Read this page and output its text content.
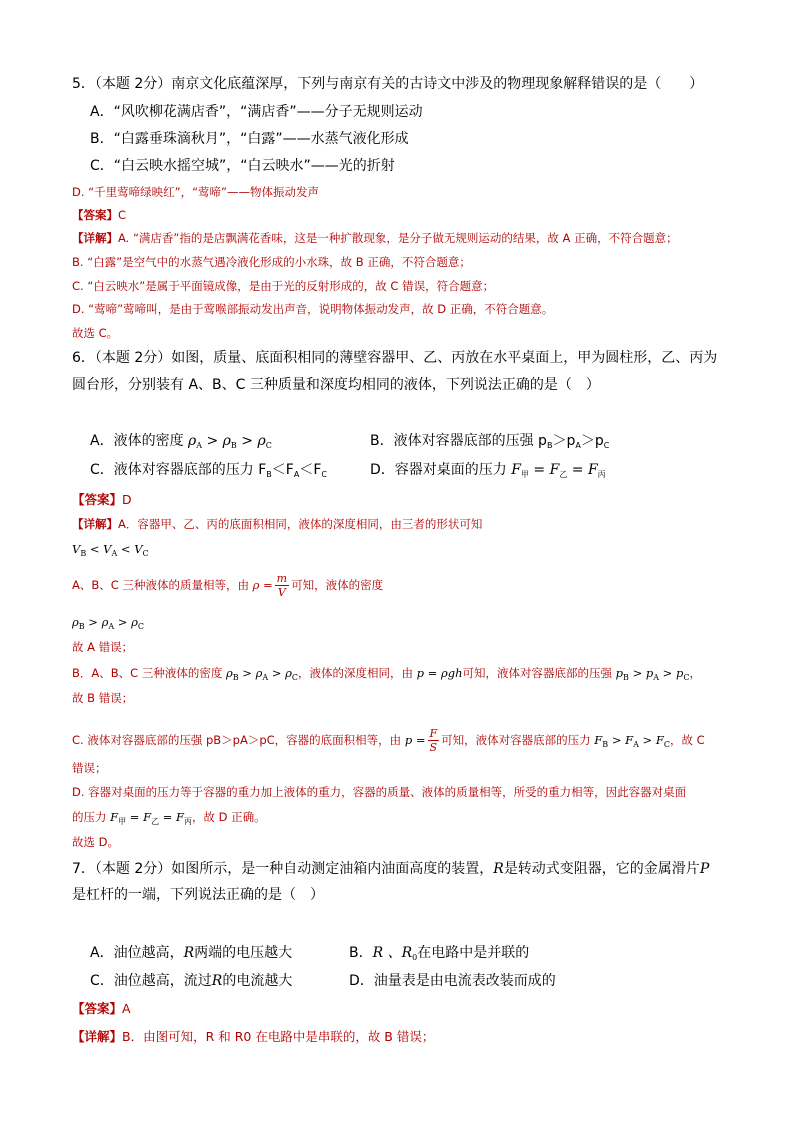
5．（本题 2分）南京文化底蕴深厚，下列与南京有关的古诗文中涉及的物理现象解释错误的是（　　）
A．“风吹柳花满店香”，“满店香”——分子无规则运动
B．“白露垂珠滴秋月”，“白露”——水蒸气液化形成
C．“白云映水摇空城”，“白云映水”——光的折射
D. “千里莺啼绿映红”，“莺啼”——物体振动发声
【答案】C
【详解】A. “满店香”指的是店飘满花香味，这是一种扩散现象，是分子做无规则运动的结果，故 A 正确，不符合题意；
B. “白露”是空气中的水蒸气遇冷液化形成的小水珠，故 B 正确，不符合题意；
C. “白云映水”是属于平面镜成像，是由于光的反射形成的，故 C 错误，符合题意；
D. “莺啼”莺啼叫，是由于莺喉部振动发出声音，说明物体振动发声，故 D 正确，不符合题意。
故选 C。
6．（本题 2分）如图，质量、底面积相同的薄壁容器甲、乙、丙放在水平桌面上，甲为圆柱形，乙、丙为
圆台形，分别装有 A、B、C 三种质量和深度均相同的液体，下列说法正确的是（　）
A．液体的密度 $\rho_A > \rho_B > \rho_C$	B．液体对容器底部的压强 $p_B>p_A>p_C$
C．液体对容器底部的压力 $F_B<F_A<F_C$	D．容器对桌面的压力 $F_甲 = F_乙 = F_丙$
【答案】D
【详解】A．容器甲、乙、丙的底面积相同，液体的深度相同，由三者的形状可知
$V_B < V_A < V_C$
A、B、C 三种液体的质量相等，由 $\rho = \frac{m}{V}$ 可知，液体的密度
$\rho_B > \rho_A > \rho_C$
故 A 错误；
B．A、B、C 三种液体的密度 $\rho_B > \rho_A > \rho_C$，液体的深度相同，由 p = ρgh可知，液体对容器底部的压强 $p_B > p_A > p_C$，
故 B 错误；
C. 液体对容器底部的压强 pB＞pA＞pC，容器的底面积相等，由 $p = \frac{F}{S}$ 可知，液体对容器底部的压力 $F_B > F_A > F_C$，故 C
错误；
D. 容器对桌面的压力等于容器的重力加上液体的重力，容器的质量、液体的质量相等，所受的重力相等，因此容器对桌面
的压力 $F_甲 = F_乙 = F_丙$，故 D 正确。
故选 D。
7．（本题 2分）如图所示，是一种自动测定油箱内油面高度的装置，R是转动式变阻器，它的金属滑片P
是杠杆的一端，下列说法正确的是（　）
A．油位越高，R两端的电压越大	B．R 、$R_0$在电路中是并联的
C．油位越高，流过R的电流越大	D．油量表是由电流表改装而成的
【答案】A
【详解】B．由图可知，R 和 R0 在电路中是串联的，故 B 错误；
